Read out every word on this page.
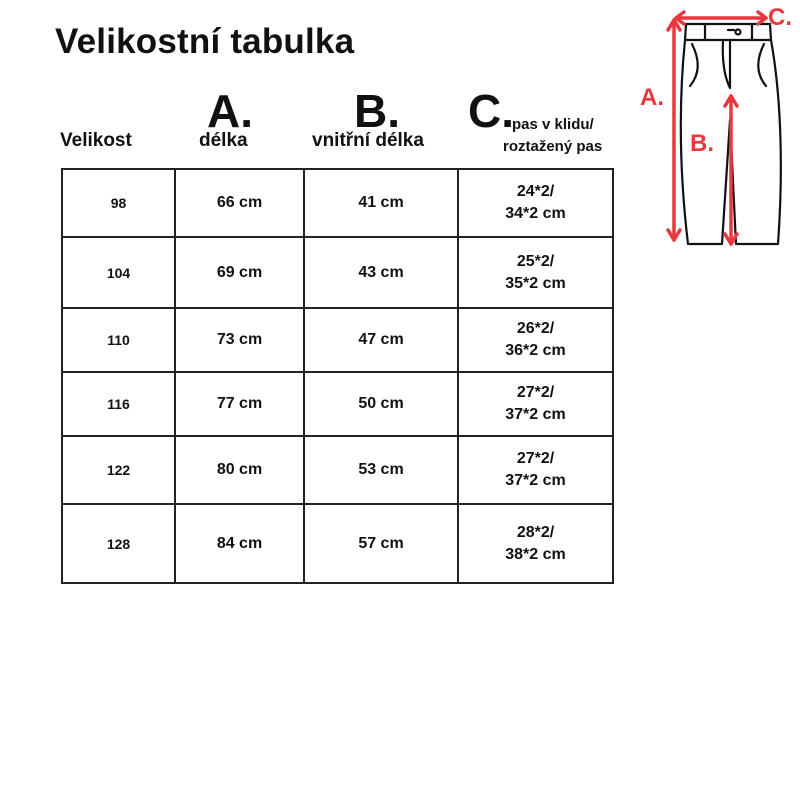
Velikostní tabulka
A. B. C.
Velikost	délka	vnitřní délka
pas v klidu/
roztažený pas
98	66 cm	41 cm	24*2/
34*2 cm

104	69 cm	43 cm	25*2/
35*2 cm

110	73 cm	47 cm	26*2/
36*2 cm

116	77 cm	50 cm	27*2/
37*2 cm

122	80 cm	53 cm	27*2/
37*2 cm

128	84 cm	57 cm	28*2/
38*2 cm
C.
A.
B.
